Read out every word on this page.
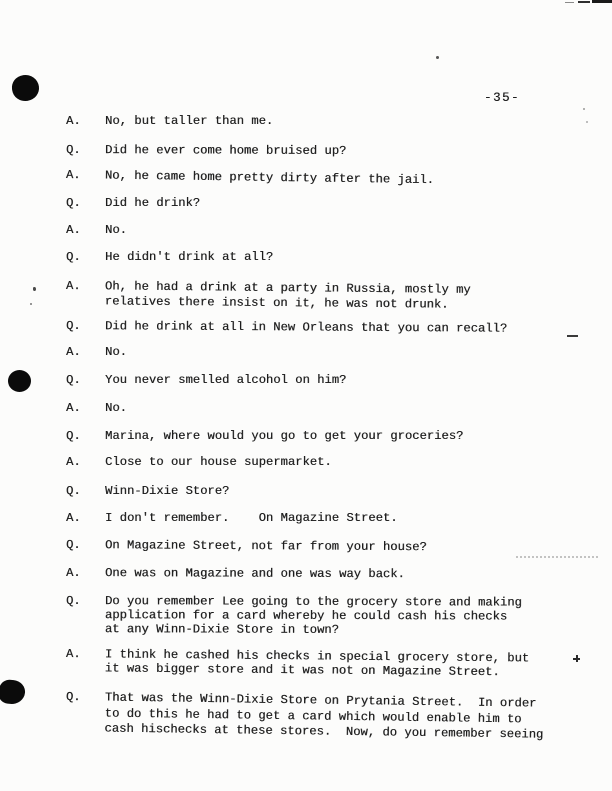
-35-
A.	No, but taller than me.
Q.	Did he ever come home bruised up?
A.	No, he came home pretty dirty after the jail.
Q.	Did he drink?
A.	No.
Q.	He didn't drink at all?
A.	Oh, he had a drink at a party in Russia, mostly my
relatives there insist on it, he was not drunk.
Q.	Did he drink at all in New Orleans that you can recall?
A.	No.
Q.	You never smelled alcohol on him?
A.	No.
Q.	Marina, where would you go to get your groceries?
A.	Close to our house supermarket.
Q.	Winn-Dixie Store?
A.	I don't remember.    On Magazine Street.
Q.	On Magazine Street, not far from your house?
A.	One was on Magazine and one was way back.
Q.	Do you remember Lee going to the grocery store and making
application for a card whereby he could cash his checks
at any Winn-Dixie Store in town?
A.	I think he cashed his checks in special grocery store, but
it was bigger store and it was not on Magazine Street.
Q.	That was the Winn-Dixie Store on Prytania Street.  In order
to do this he had to get a card which would enable him to
cash hischecks at these stores.  Now, do you remember seeing
